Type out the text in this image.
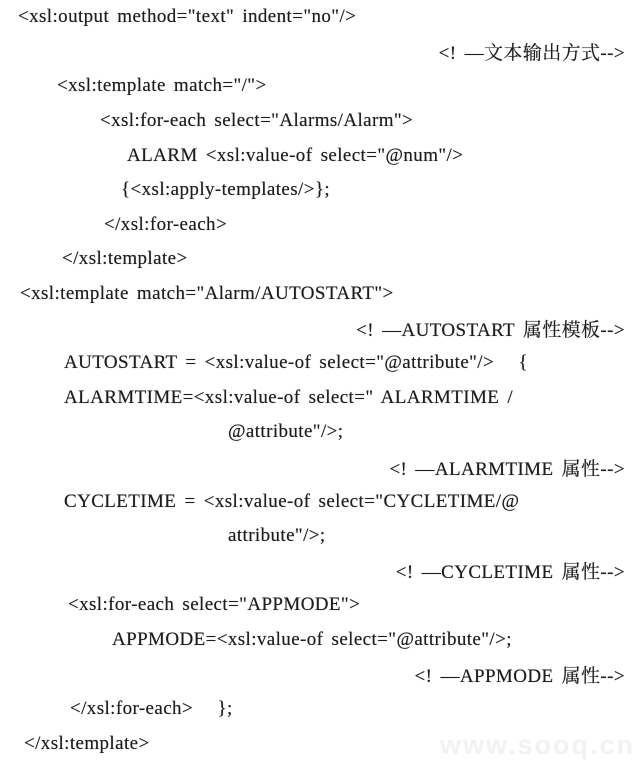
<xsl:output method="text" indent="no"/>
<! —文本输出方式-->
<xsl:template match="/">
<xsl:for-each select="Alarms/Alarm">
ALARM <xsl:value-of select="@num"/>
{<xsl:apply-templates/>};
</xsl:for-each>
</xsl:template>
<xsl:template match="Alarm/AUTOSTART">
<! —AUTOSTART 属性模板-->
AUTOSTART = <xsl:value-of select="@attribute"/>   {
ALARMTIME=<xsl:value-of select=" ALARMTIME /
@attribute"/>;
<! —ALARMTIME 属性-->
CYCLETIME = <xsl:value-of select="CYCLETIME/@
attribute"/>;
<! —CYCLETIME 属性-->
<xsl:for-each select="APPMODE">
APPMODE=<xsl:value-of select="@attribute"/>;
<! —APPMODE 属性-->
</xsl:for-each>   };
</xsl:template>	www.sooq.cn
